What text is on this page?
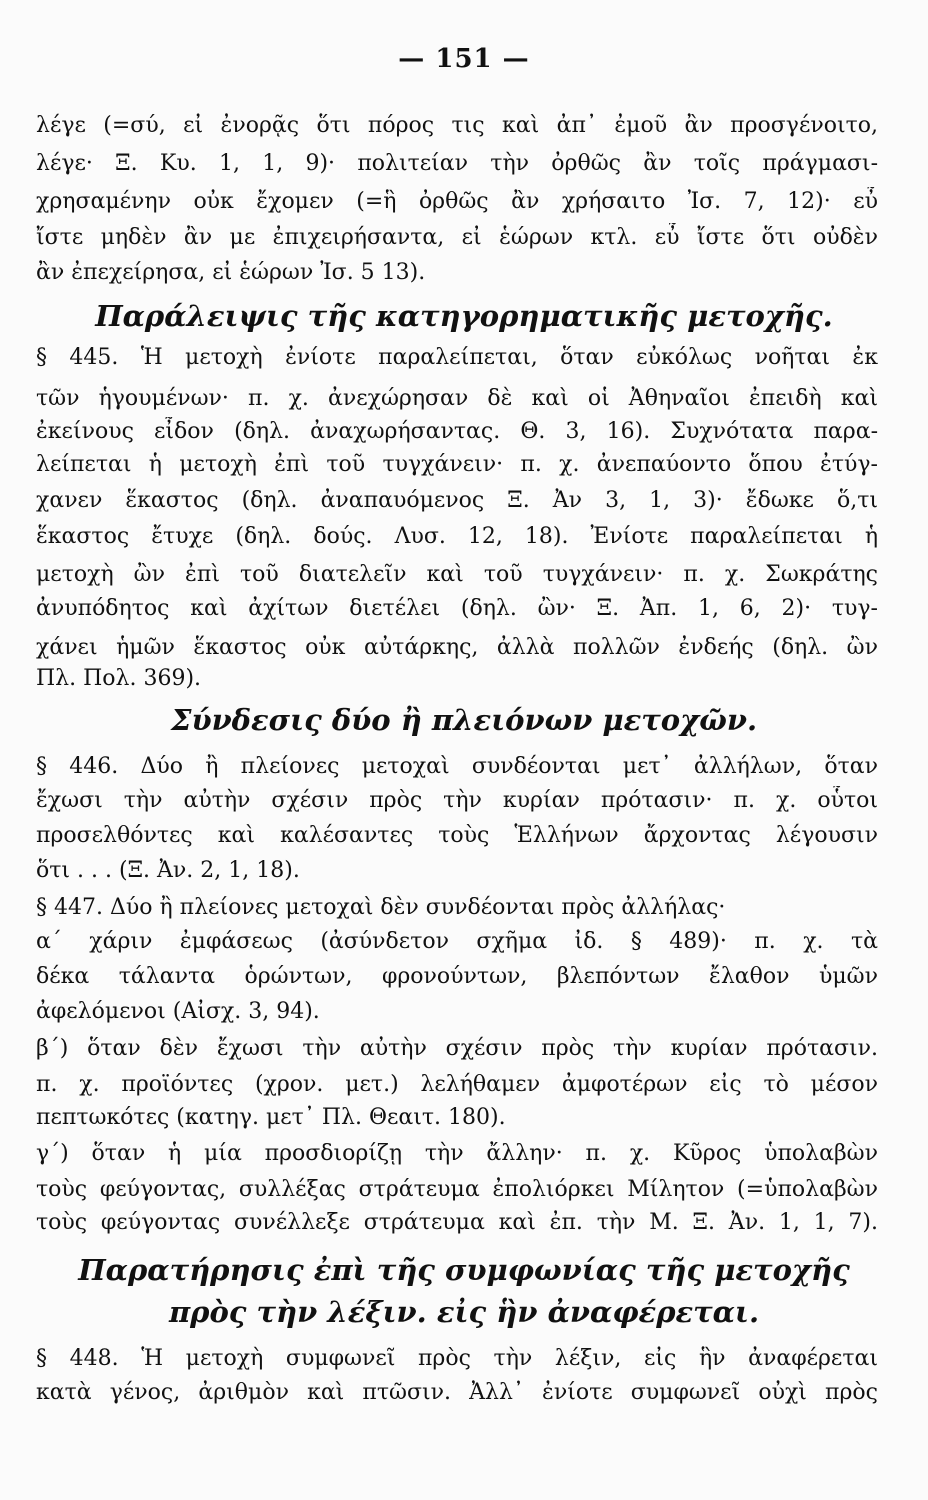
— 151 —
λέγε (=σύ, εἰ ἐνορᾷς ὅτι πόρος τις καὶ ἀπ᾽ ἐμοῦ ἂν προσγένοιτο,
λέγε· Ξ. Κυ. 1, 1, 9)· πολιτείαν τὴν ὀρθῶς ἂν τοῖς πράγμασι-
χρησαμένην οὐκ ἔχομεν (=ἣ ὀρθῶς ἂν χρήσαιτο Ἰσ. 7, 12)· εὖ
ἴστε μηδὲν ἂν με ἐπιχειρήσαντα, εἰ ἑώρων κτλ. εὖ ἴστε ὅτι οὐδὲν
ἂν ἐπεχείρησα, εἰ ἑώρων Ἰσ. 5 13).
Παράλειψις τῆς κατηγορηματικῆς μετοχῆς.
§ 445. Ἡ μετοχὴ ἐνίοτε παραλείπεται, ὅταν εὐκόλως νοῆται ἐκ
τῶν ἡγουμένων· π. χ. ἀνεχώρησαν δὲ καὶ οἱ Ἀθηναῖοι ἐπειδὴ καὶ
ἐκείνους εἶδον (δηλ. ἀναχωρήσαντας. Θ. 3, 16). Συχνότατα παρα-
λείπεται ἡ μετοχὴ ἐπὶ τοῦ τυγχάνειν· π. χ. ἀνεπαύοντο ὅπου ἐτύγ-
χανεν ἕκαστος (δηλ. ἀναπαυόμενος Ξ. Ἀν 3, 1, 3)· ἔδωκε ὅ,τι
ἕκαστος ἔτυχε (δηλ. δούς. Λυσ. 12, 18). Ἐνίοτε παραλείπεται ἡ
μετοχὴ ὢν ἐπὶ τοῦ διατελεῖν καὶ τοῦ τυγχάνειν· π. χ. Σωκράτης
ἀνυπόδητος καὶ ἀχίτων διετέλει (δηλ. ὢν· Ξ. Ἀπ. 1, 6, 2)· τυγ-
χάνει ἡμῶν ἕκαστος οὐκ αὐτάρκης, ἀλλὰ πολλῶν ἐνδεής (δηλ. ὢν
Πλ. Πολ. 369).
Σύνδεσις δύο ἢ πλειόνων μετοχῶν.
§ 446. Δύο ἢ πλείονες μετοχαὶ συνδέονται μετ᾽ ἀλλήλων, ὅταν
ἔχωσι τὴν αὐτὴν σχέσιν πρὸς τὴν κυρίαν πρότασιν· π. χ. οὗτοι
προσελθόντες καὶ καλέσαντες τοὺς Ἑλλήνων ἄρχοντας λέγουσιν
ὅτι . . . (Ξ. Ἀν. 2, 1, 18).
§ 447. Δύο ἢ πλείονες μετοχαὶ δὲν συνδέονται πρὸς ἀλλήλας·
α΄ χάριν ἐμφάσεως (ἀσύνδετον σχῆμα ἰδ. § 489)· π. χ. τὰ
δέκα τάλαντα ὁρώντων, φρονούντων, βλεπόντων ἔλαθον ὑμῶν
ἀφελόμενοι (Αἰσχ. 3, 94).
β΄) ὅταν δὲν ἔχωσι τὴν αὐτὴν σχέσιν πρὸς τὴν κυρίαν πρότασιν.
π. χ. προϊόντες (χρον. μετ.) λελήθαμεν ἀμφοτέρων εἰς τὸ μέσον
πεπτωκότες (κατηγ. μετ᾽ Πλ. Θεαιτ. 180).
γ΄) ὅταν ἡ μία προσδιορίζῃ τὴν ἄλλην· π. χ. Κῦρος ὑπολαβὼν
τοὺς φεύγοντας, συλλέξας στράτευμα ἐπολιόρκει Μίλητον (=ὑπολαβὼν
τοὺς φεύγοντας συνέλλεξε στράτευμα καὶ ἐπ. τὴν Μ. Ξ. Ἀν. 1, 1, 7).
Παρατήρησις ἐπὶ τῆς συμφωνίας τῆς μετοχῆς
πρὸς τὴν λέξιν. εἰς ἣν ἀναφέρεται.
§ 448. Ἡ μετοχὴ συμφωνεῖ πρὸς τὴν λέξιν, εἰς ἣν ἀναφέρεται
κατὰ γένος, ἀριθμὸν καὶ πτῶσιν. Ἀλλ᾽ ἐνίοτε συμφωνεῖ οὐχὶ πρὸς
